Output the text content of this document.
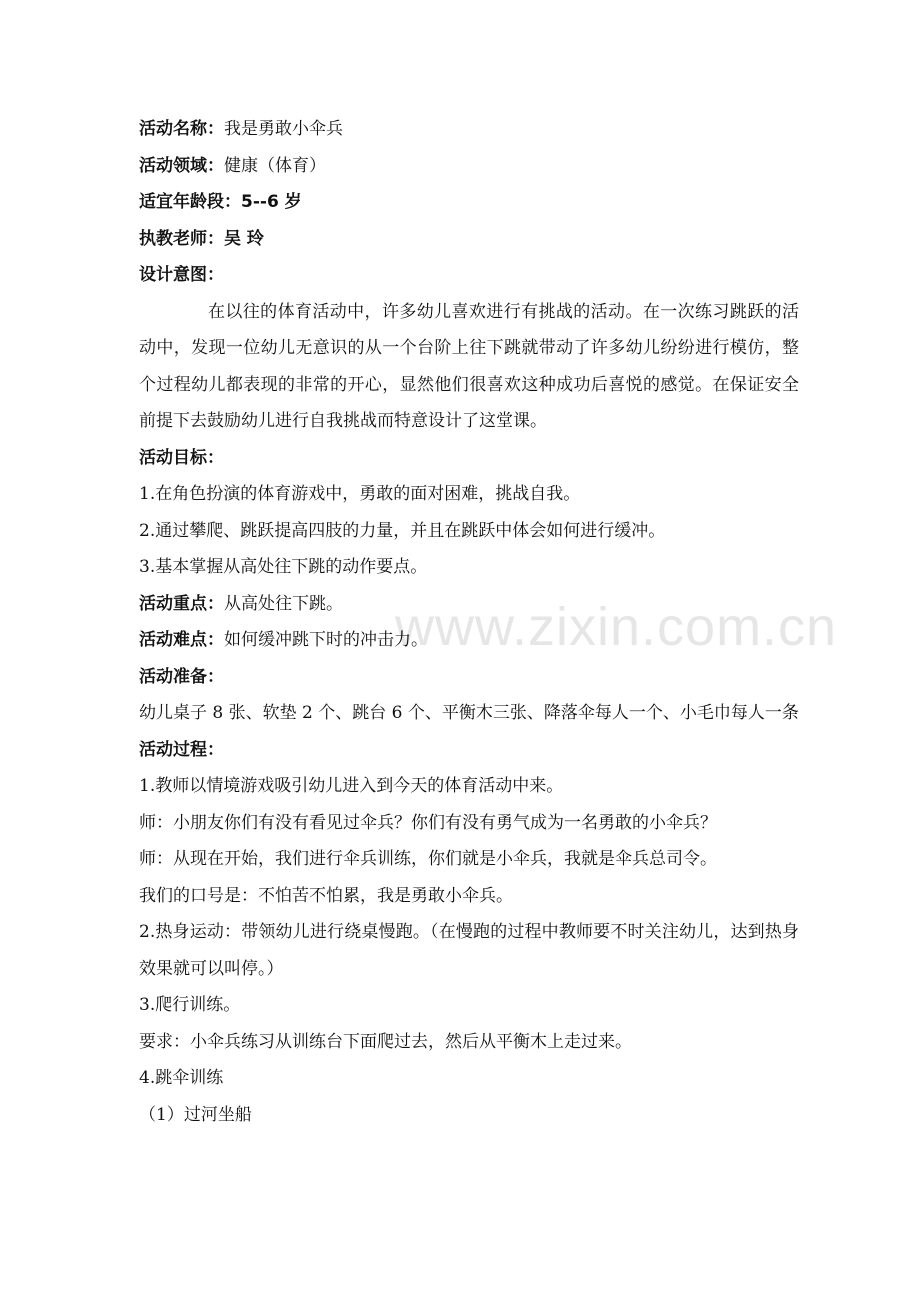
www.zixin.com.cn
活动名称：我是勇敢小伞兵
活动领域：健康（体育）
适宜年龄段：5--6 岁
执教老师：吴 玲
设计意图：

在以往的体育活动中，许多幼儿喜欢进行有挑战的活动。在一次练习跳跃的活动中，发现一位幼儿无意识的从一个台阶上往下跳就带动了许多幼儿纷纷进行模仿，整个过程幼儿都表现的非常的开心，显然他们很喜欢这种成功后喜悦的感觉。在保证安全前提下去鼓励幼儿进行自我挑战而特意设计了这堂课。

活动目标：
1.在角色扮演的体育游戏中，勇敢的面对困难，挑战自我。
2.通过攀爬、跳跃提高四肢的力量，并且在跳跃中体会如何进行缓冲。
3.基本掌握从高处往下跳的动作要点。
活动重点：从高处往下跳。
活动难点：如何缓冲跳下时的冲击力。
活动准备：

幼儿桌子 8 张、软垫 2 个、跳台 6 个、平衡木三张、降落伞每人一个、小毛巾每人一条

活动过程：
1.教师以情境游戏吸引幼儿进入到今天的体育活动中来。
师：小朋友你们有没有看见过伞兵？你们有没有勇气成为一名勇敢的小伞兵？
师：从现在开始，我们进行伞兵训练，你们就是小伞兵，我就是伞兵总司令。
我们的口号是：不怕苦不怕累，我是勇敢小伞兵。

2.热身运动：带领幼儿进行绕桌慢跑。（在慢跑的过程中教师要不时关注幼儿，达到热身效果就可以叫停。）

3.爬行训练。
要求：小伞兵练习从训练台下面爬过去，然后从平衡木上走过来。
4.跳伞训练
（1）过河坐船
